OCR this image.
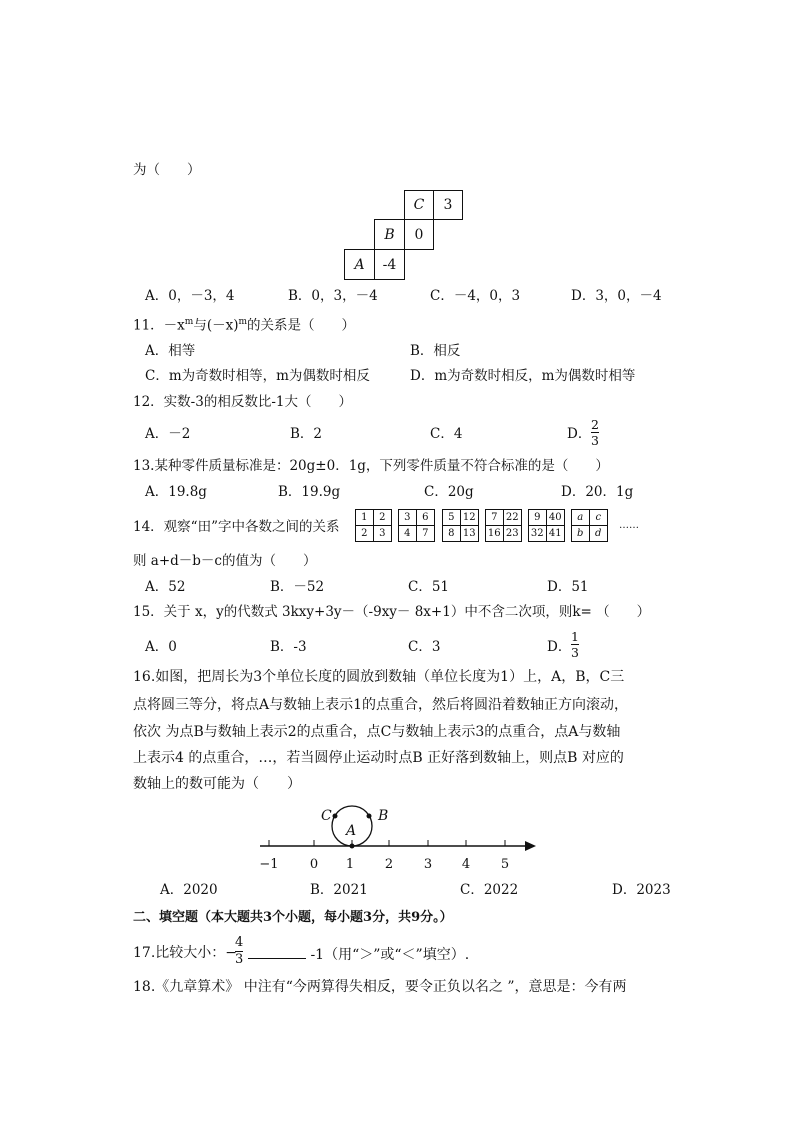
为（　　）
C	3
B	0
A	-4
A．0，－3，4	B．0，3，－4	C．－4，0，3	D．3，0，－4
11．$-x^m$与$(-x)^m$的关系是（　　）
A．相等	B．相反
C．m为奇数时相等，m为偶数时相反	D．m为奇数时相反，m为偶数时相等
12．实数-3的相反数比-1大（　　）
A．－2	B．2	C．4	D．
2
3
13.某种零件质量标准是：20g±0．1g，下列零件质量不符合标准的是（　　）
A．19.8g	B．19.9g	C．20g	D．20．1g
14．观察“田”字中各数之间的关系
1	2
2	3
3	6
4	7
5 12
8 13
7 22
16 23
9 40
32 41
a	c
b	d
……
则 a+d－b－c的值为（　　）
A．52	B．－52	C．51	D．51
15．关于 x，y的代数式 3kxy+3y－（-9xy－ 8x+1）中不含二次项，则k= （　　）
A．0	B．-3	C．3	D．
1
3
16.如图，把周长为3个单位长度的圆放到数轴（单位长度为1）上，A，B，C三
点将圆三等分，将点A与数轴上表示1的点重合，然后将圆沿着数轴正方向滚动，
依次 为点B与数轴上表示2的点重合，点C与数轴上表示3的点重合，点A与数轴
上表示4 的点重合，…，若当圆停止运动时点B 正好落到数轴上，则点B 对应的
数轴上的数可能为（　　）
−1 0 1 2 3 4 5
A
B
C
A．2020	B．2021	C．2022	D．2023
二、填空题（本大题共3个小题，每小题3分，共9分。）
17.比较大小：−
4
3	-1（用“＞”或“＜”填空）.
18.《九章算术》 中注有“今两算得失相反，要令正负以名之 ”，意思是：今有两
